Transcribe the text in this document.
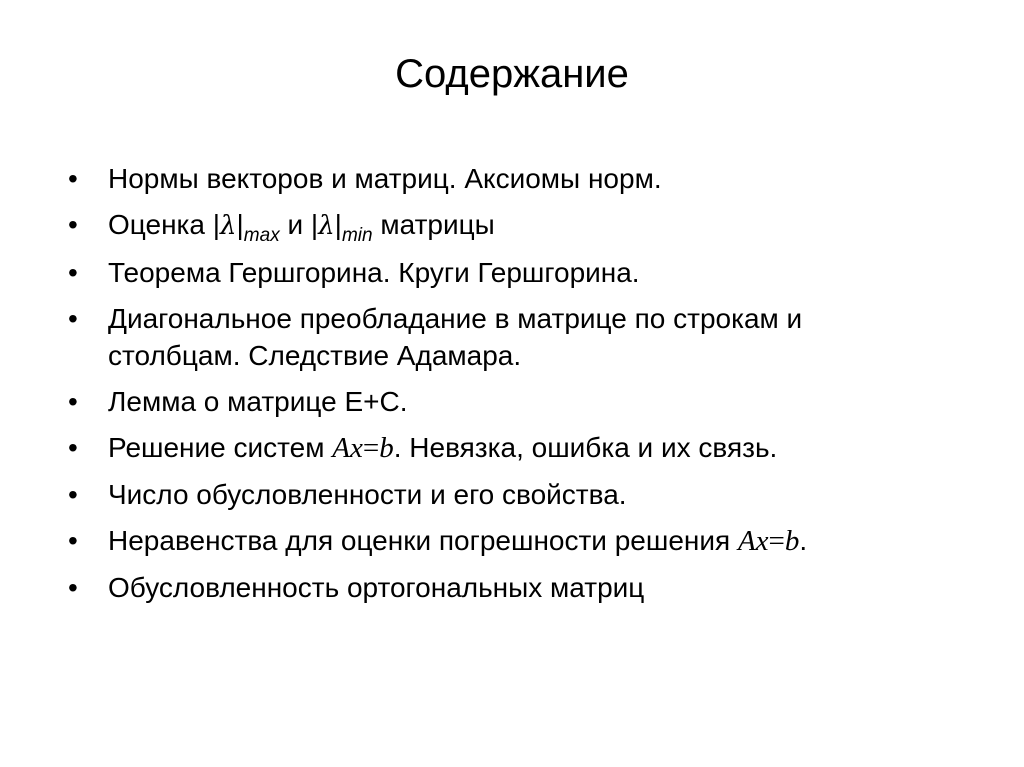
Содержание
• Нормы векторов и матриц. Аксиомы норм.
• Оценка $|\lambda|_{max}$ и $|\lambda|_{min}$ матрицы
• Теорема Гершгорина. Круги Гершгорина.
• Диагональное преобладание в матрице по строкам и
столбцам. Следствие Адамара.
• Лемма о матрице Е+С.
• Решение систем Ax=b. Невязка, ошибка и их связь.
• Число обусловленности и его свойства.
• Неравенства для оценки погрешности решения Ax=b.
• Обусловленность ортогональных матриц
